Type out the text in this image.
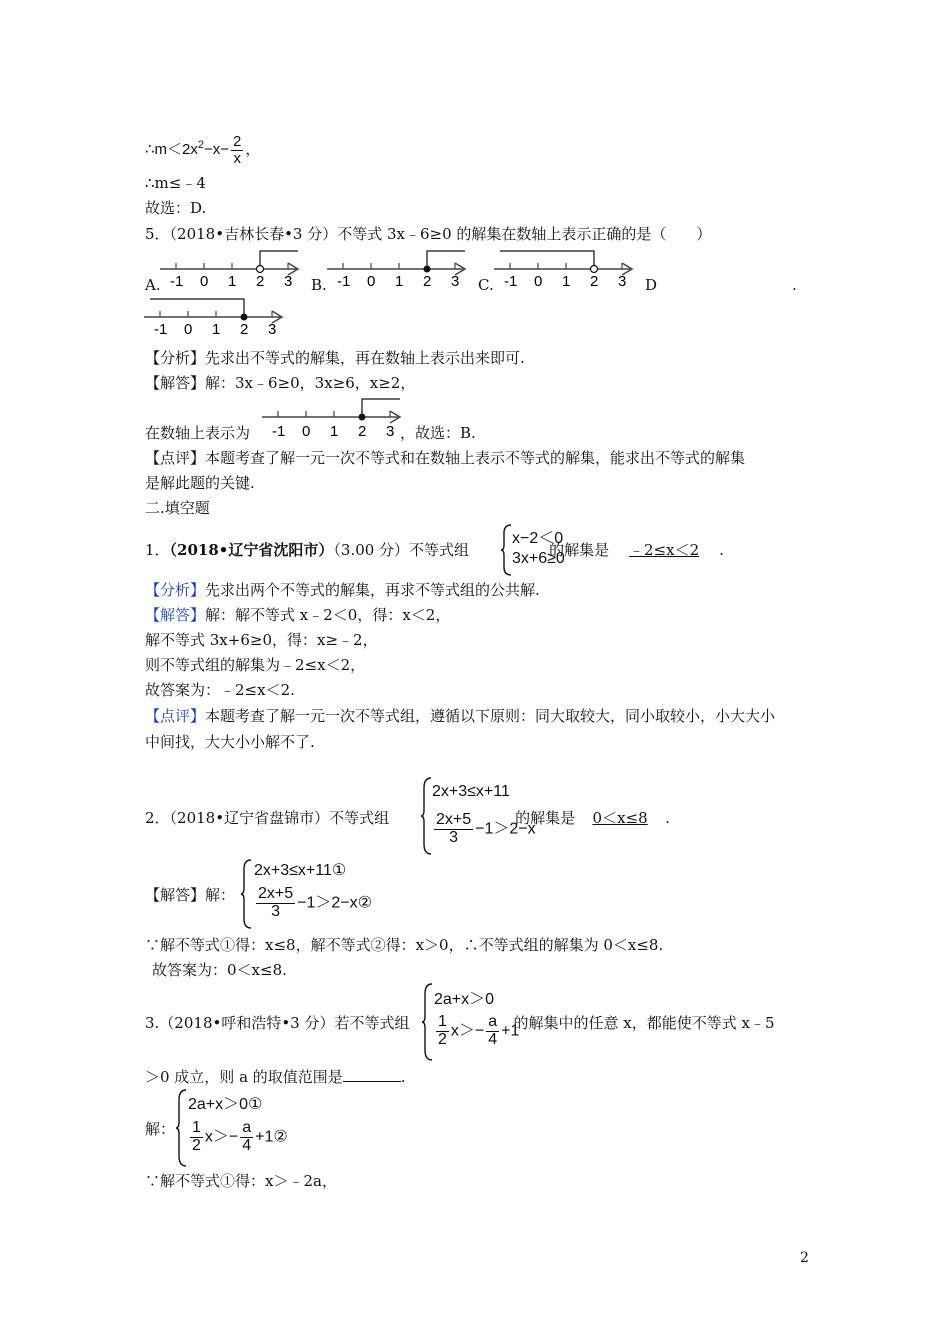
$\therefore m<2x^2-x- \frac{2}{x}$ ，
∴m≤﹣4
故选：D.
5．（2018•吉林长春•3 分）不等式 3x﹣6≥0 的解集在数轴上表示正确的是（　　）
A.	B.	C.	D	.
-1 0 1 2 3	-1 0 1 2 3	-1 0 1 2 3
-1 0 1 2 3
【分析】先求出不等式的解集，再在数轴上表示出来即可.
【解答】解：3x﹣6≥0，3x≥6，x≥2，
在数轴上表示为	，故选：B.
-1 0 1 2 3
【点评】本题考查了解一元一次不等式和在数轴上表示不等式的解集，能求出不等式的解集
是解此题的关键.
二.填空题
1．（2018•辽宁省沈阳市）（3.00 分）不等式组	的解集是 ﹣2≤x＜2 .
x−2＜0
3x+6≥0
【分析】先求出两个不等式的解集，再求不等式组的公共解.
【解答】解：解不等式 x﹣2＜0，得：x＜2，
解不等式 3x+6≥0，得：x≥﹣2，
则不等式组的解集为﹣2≤x＜2，
故答案为：﹣2≤x＜2.
【点评】本题考查了解一元一次不等式组，遵循以下原则：同大取较大，同小取较小，小大大小
中间找，大大小小解不了.
2．（2018•辽宁省盘锦市）不等式组	的解集是 0＜x≤8 .
2x+3≤x+11
$\frac{2x+5}{3} -1>2-x$
【解答】解：
2x+3≤x+11①
$\frac{2x+5}{3}$ −1＞2−x②
∵解不等式①得：x≤8，解不等式②得：x＞0，∴不等式组的解集为 0＜x≤8.
故答案为：0＜x≤8.
3.（2018•呼和浩特•3 分）若不等式组	的解集中的任意 x，都能使不等式 x﹣5
2a+x＞0
$\frac{1}{2} x>- \frac{a}{4} +1$
＞0 成立，则 a 的取值范围是	.
解：
2a+x＞0①
$\frac{1}{2} x>- \frac{a}{4}$ +1②
∵解不等式①得：x＞﹣2a，
2
